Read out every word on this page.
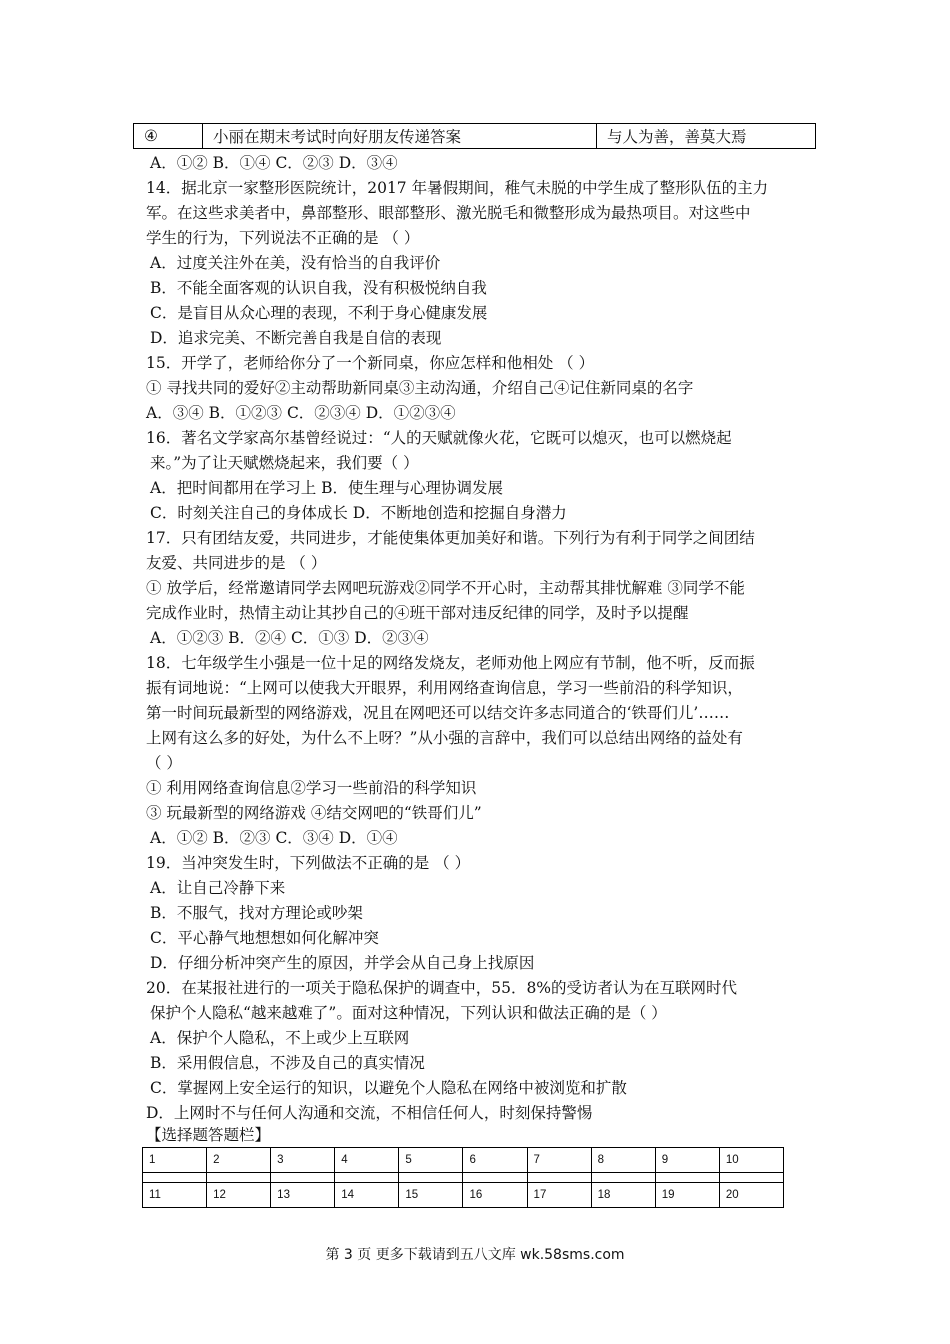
④	小丽在期末考试时向好朋友传递答案	与人为善，善莫大焉
A．①② B．①④ C．②③ D．③④
14．据北京一家整形医院统计，2017 年暑假期间，稚气未脱的中学生成了整形队伍的主力
军。在这些求美者中，鼻部整形、眼部整形、激光脱毛和微整形成为最热项目。对这些中
学生的行为，下列说法不正确的是 （ ）
A．过度关注外在美，没有恰当的自我评价
B．不能全面客观的认识自我，没有积极悦纳自我
C．是盲目从众心理的表现，不利于身心健康发展
D．追求完美、不断完善自我是自信的表现
15．开学了，老师给你分了一个新同桌，你应怎样和他相处 （ ）
① 寻找共同的爱好②主动帮助新同桌③主动沟通，介绍自己④记住新同桌的名字
A．③④ B．①②③ C．②③④ D．①②③④
16．著名文学家高尔基曾经说过：“人的天赋就像火花，它既可以熄灭，也可以燃烧起
来。”为了让天赋燃烧起来，我们要（ ）
A．把时间都用在学习上 B．使生理与心理协调发展
C．时刻关注自己的身体成长 D．不断地创造和挖掘自身潜力
17．只有团结友爱，共同进步，才能使集体更加美好和谐。下列行为有利于同学之间团结
友爱、共同进步的是 （ ）
① 放学后，经常邀请同学去网吧玩游戏②同学不开心时，主动帮其排忧解难 ③同学不能
完成作业时，热情主动让其抄自己的④班干部对违反纪律的同学，及时予以提醒
A．①②③ B．②④ C．①③ D．②③④
18．七年级学生小强是一位十足的网络发烧友，老师劝他上网应有节制，他不听，反而振
振有词地说：“上网可以使我大开眼界，利用网络查询信息，学习一些前沿的科学知识，
第一时间玩最新型的网络游戏，况且在网吧还可以结交许多志同道合的‘铁哥们儿’……
上网有这么多的好处，为什么不上呀？”从小强的言辞中，我们可以总结出网络的益处有
（ ）
① 利用网络查询信息②学习一些前沿的科学知识
③ 玩最新型的网络游戏 ④结交网吧的“铁哥们儿”
A．①② B．②③ C．③④ D．①④
19．当冲突发生时，下列做法不正确的是 （ ）
A．让自己冷静下来
B．不服气，找对方理论或吵架
C．平心静气地想想如何化解冲突
D．仔细分析冲突产生的原因，并学会从自己身上找原因
20．在某报社进行的一项关于隐私保护的调查中，55．8%的受访者认为在互联网时代
保护个人隐私“越来越难了”。面对这种情况，下列认识和做法正确的是（ ）
A．保护个人隐私，不上或少上互联网
B．采用假信息，不涉及自己的真实情况
C．掌握网上安全运行的知识，以避免个人隐私在网络中被浏览和扩散
D．上网时不与任何人沟通和交流，不相信任何人，时刻保持警惕
【选择题答题栏】
1	2	3	4	5	6	7	8	9	10

11	12	13	14	15	16	17	18	19	20
第 3 页 更多下载请到五八文库 wk.58sms.com
